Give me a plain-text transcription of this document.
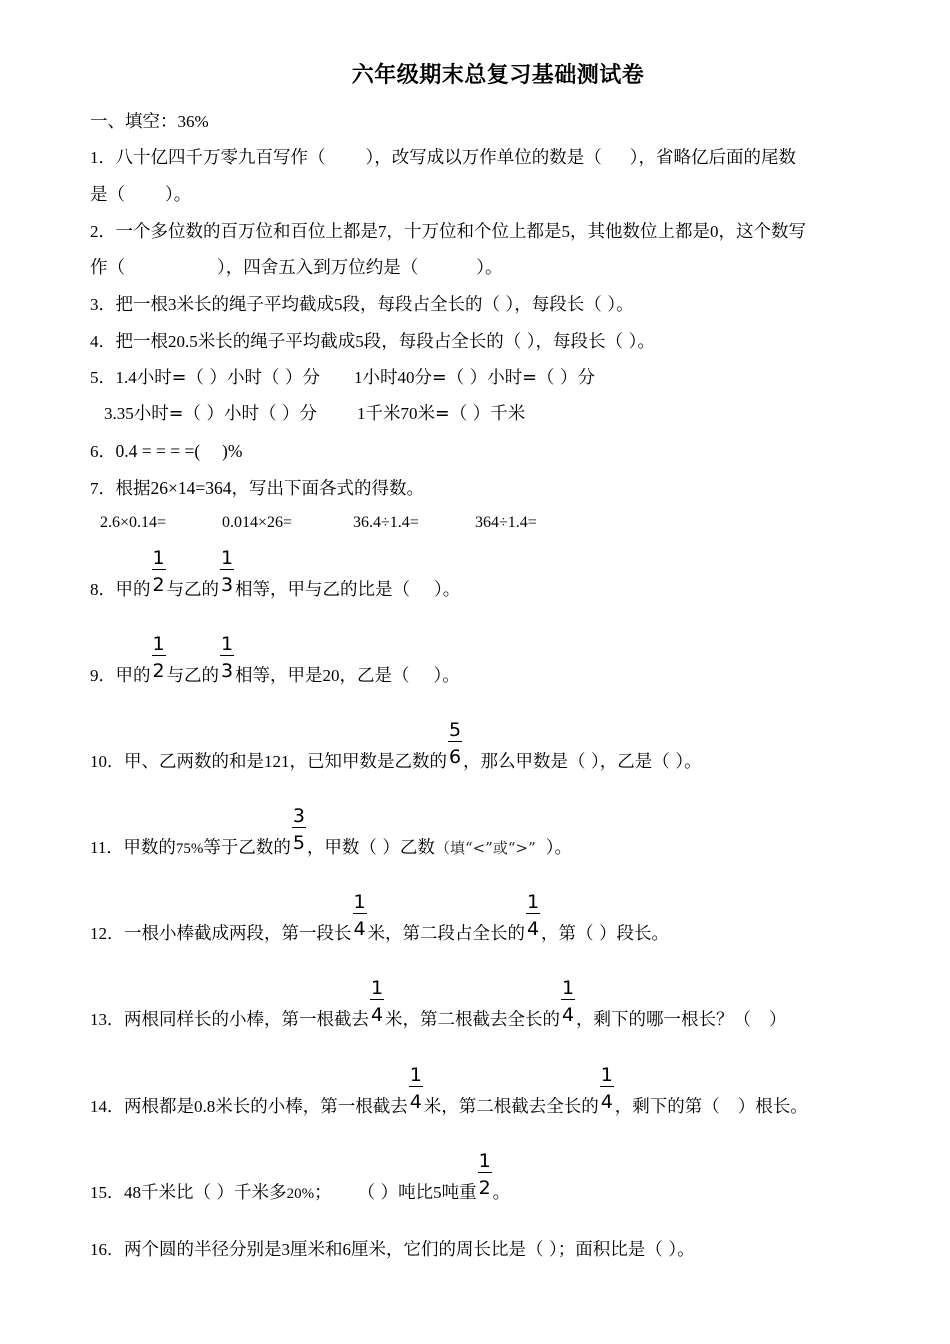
六年级期末总复习基础测试卷
一、填空：36%
1．八十亿四千万零九百写作（ ），改写成以万作单位的数是（ ），省略亿后面的尾数
是（ ）。
2．一个多位数的百万位和百位上都是7，十万位和个位上都是5，其他数位上都是0，这个数写
作（	），四舍五入到万位约是（	）。
3．把一根3米长的绳子平均截成5段，每段占全长的（ ），每段长（ ）。
4．把一根20.5米长的绳子平均截成5段，每段占全长的（ ），每段长（ ）。
5．1.4小时=（ ）小时（ ）分 1小时40分=（ ）小时=（ ）分
3.35小时=（ ）小时（ ）分 1千米70米=（ ）千米
6．0.4 = = = =(     )%
7．根据26×14=364，写出下面各式的得数。
2.6×0.14=	0.014×26=	36.4÷1.4=	364÷1.4=
8．甲的 $\frac{1}{2}$与乙的 $\frac{1}{3}$相等，甲与乙的比是（ ）。
9．甲的 $\frac{1}{2}$与乙的 $\frac{1}{3}$相等，甲是20，乙是（ ）。
10．甲、乙两数的和是121，已知甲数是乙数的 $\frac{5}{6}$，那么甲数是（ ），乙是（ ）。
11．甲数的75%等于乙数的 $\frac{3}{5}$，甲数（ ）乙数（填“<”或“>” ）。
12．一根小棒截成两段，第一段长 $\frac{1}{4}$米，第二段占全长的 $\frac{1}{4}$，第（ ）段长。
13．两根同样长的小棒，第一根截去 $\frac{1}{4}$米，第二根截去全长的 $\frac{1}{4}$，剩下的哪一根长？（ ）
14．两根都是0.8米长的小棒，第一根截去 $\frac{1}{4}$米，第二根截去全长的 $\frac{1}{4}$，剩下的第（ ）根长。
15．48千米比（ ）千米多20%； （ ）吨比5吨重 $\frac{1}{2}$。
16．两个圆的半径分别是3厘米和6厘米，它们的周长比是（ ）；面积比是（ ）。
